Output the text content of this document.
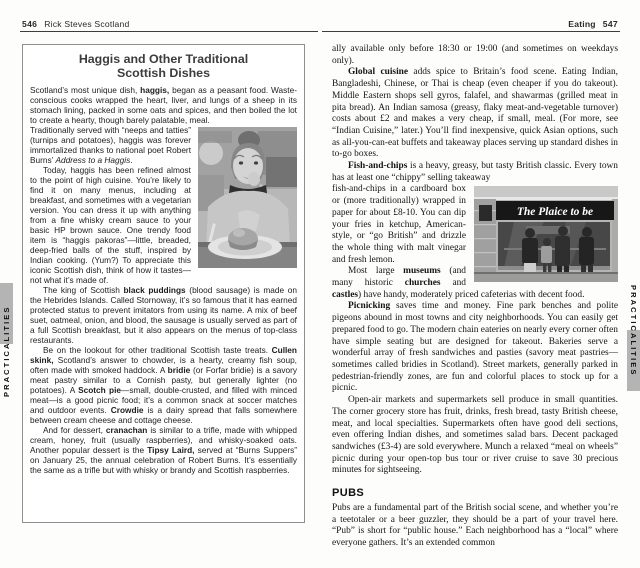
546 Rick Steves Scotland
PRACTICALITIES
Haggis and Other Traditional
Scottish Dishes

Scotland’s most unique dish, haggis, began as a peasant food. Waste-conscious cooks wrapped the heart, liver, and lungs of a sheep in its stomach lining, packed in some oats and spices, and then boiled the lot to create a hearty, though barely palatable, meal.

Traditionally served with “neeps and tatties” (turnips and potatoes), haggis was forever immortalized thanks to national poet Robert Burns’ Address to a Haggis.

Today, haggis has been refined almost to the point of high cuisine. You’re likely to find it on many menus, including at breakfast, and sometimes with a vegetarian version. You can dress it up with anything from a fine whisky cream sauce to your basic HP brown sauce. One trendy food item is “haggis pakoras”—little, breaded, deep-fried balls of the stuff, inspired by Indian cooking. (Yum?) To appreciate this iconic Scottish dish, think of how it tastes—not what it’s made of.

The king of Scottish black puddings (blood sausage) is made on the Hebrides Islands. Called Stornoway, it’s so famous that it has earned protected status to prevent imitators from using its name. A mix of beef suet, oatmeal, onion, and blood, the sausage is usually served as part of a full Scottish breakfast, but it also appears on the menus of top-class restaurants.

Be on the lookout for other traditional Scottish taste treats. Cullen skink, Scotland’s answer to chowder, is a hearty, creamy fish soup, often made with smoked haddock. A bridie (or Forfar bridie) is a savory meat pastry similar to a Cornish pasty, but generally lighter (no potatoes). A Scotch pie—small, double-crusted, and filled with minced meat—is a good picnic food; it’s a common snack at soccer matches and outdoor events. Crowdie is a dairy spread that falls somewhere between cream cheese and cottage cheese.

And for dessert, cranachan is similar to a trifle, made with whipped cream, honey, fruit (usually raspberries), and whisky-soaked oats. Another popular dessert is the Tipsy Laird, served at “Burns Suppers” on January 25, the annual celebration of Robert Burns. It’s essentially the same as a trifle but with whisky or brandy and Scottish raspberries.

Eating 547
PRACTICALITIES

ally available only before 18:30 or 19:00 (and sometimes on weekdays only).

Global cuisine adds spice to Britain’s food scene. Eating Indian, Bangladeshi, Chinese, or Thai is cheap (even cheaper if you do takeout). Middle Eastern shops sell gyros, falafel, and shawarmas (grilled meat in pita bread). An Indian samosa (greasy, flaky meat-and-vegetable turnover) costs about £2 and makes a very cheap, if small, meal. (For more, see “Indian Cuisine,” later.) You’ll find inexpensive, quick Asian options, such as all-you-can-eat buffets and takeaway places serving up standard dishes in to-go boxes.

Fish-and-chips is a heavy, greasy, but tasty British classic. Every town has at least one “chippy” selling takeaway

The Plaice to be

fish-and-chips in a cardboard box or (more traditionally) wrapped in paper for about £8-10. You can dip your fries in ketchup, American-style, or “go British” and drizzle the whole thing with malt vinegar and fresh lemon.

Most large museums (and many historic churches and castles) have handy, moderately priced cafeterias with decent food.

Picnicking saves time and money. Fine park benches and polite pigeons abound in most towns and city neighborhoods. You can easily get prepared food to go. The modern chain eateries on nearly every corner often have simple seating but are designed for takeout. Bakeries serve a wonderful array of fresh sandwiches and pasties (savory meat pastries—sometimes called bridies in Scotland). Street markets, generally parked in pedestrian-friendly zones, are fun and colorful places to stock up for a picnic.

Open-air markets and supermarkets sell produce in small quantities. The corner grocery store has fruit, drinks, fresh bread, tasty British cheese, meat, and local specialties. Supermarkets often have good deli sections, even offering Indian dishes, and sometimes salad bars. Decent packaged sandwiches (£3-4) are sold everywhere. Munch a relaxed “meal on wheels” picnic during your open-top bus tour or river cruise to save 30 precious minutes for sightseeing.

PUBS

Pubs are a fundamental part of the British social scene, and whether you’re a teetotaler or a beer guzzler, they should be a part of your travel here. “Pub” is short for “public house.” Each neighborhood has a “local” where everyone gathers. It’s an extended common
